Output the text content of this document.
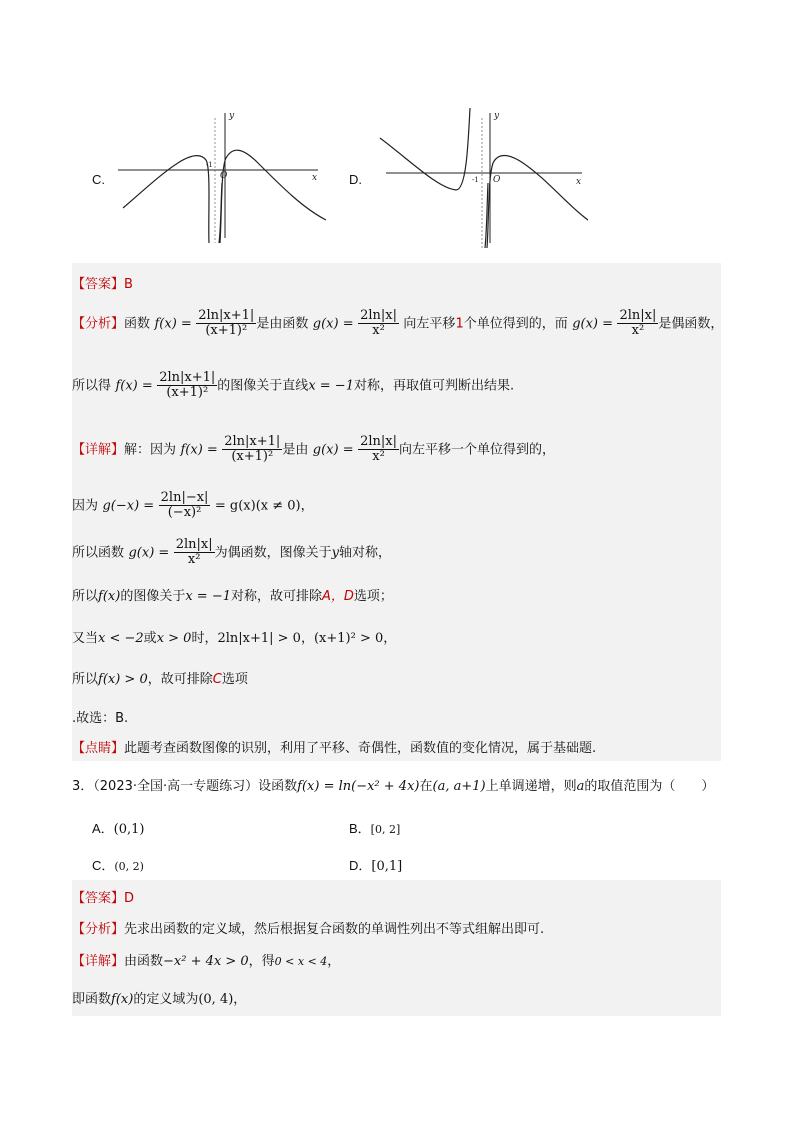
C.
y
x
O
-1
D.
y
x
O
-1
【答案】B
【分析】函数 $f(x) = \frac{2\ln|x+1|}{\text{(x+1)²}}$ 是由函数 $g(x) = \frac{2\ln|x|}{\text{x²}}$ 向左平移1个单位得到的，而 $g(x) = \frac{2\ln|x|}{\text{x²}}$ 是偶函数，
所以得 $f(x) = \frac{2\ln|x+1|}{\text{(x+1)²}}$ 的图像关于直线x = −1对称，再取值可判断出结果.
【详解】解：因为 $f(x) = \frac{2\ln|x+1|}{\text{(x+1)²}}$ 是由 $g(x) = \frac{2\ln|x|}{\text{x²}}$ 向左平移一个单位得到的，
因为 $g(-x) = \frac{2\ln|-x|}{\text{(−x)²}} = g(x)(x \ne 0)$，
所以函数 $g(x) = \frac{2\ln|x|}{\text{x²}}$ 为偶函数，图像关于y轴对称，
所以f(x)的图像关于x = −1对称，故可排除A，D选项；
又当x < −2或x > 0时，2ln|x+1| > 0，(x+1)² > 0，
所以f(x) > 0，故可排除C选项
.故选：B.
【点睛】此题考查函数图像的识别，利用了平移、奇偶性，函数值的变化情况，属于基础题.
3．（2023·全国·高一专题练习）设函数f(x) = ln(−x² + 4x)在(a, a+1)上单调递增，则a的取值范围为（　　）
A．(0,1)	B．[0, 2]
C．(0, 2)	D．[0,1]
【答案】D
【分析】先求出函数的定义域，然后根据复合函数的单调性列出不等式组解出即可.
【详解】由函数−x² + 4x > 0，得0 < x < 4，
即函数f(x)的定义域为(0, 4)，
